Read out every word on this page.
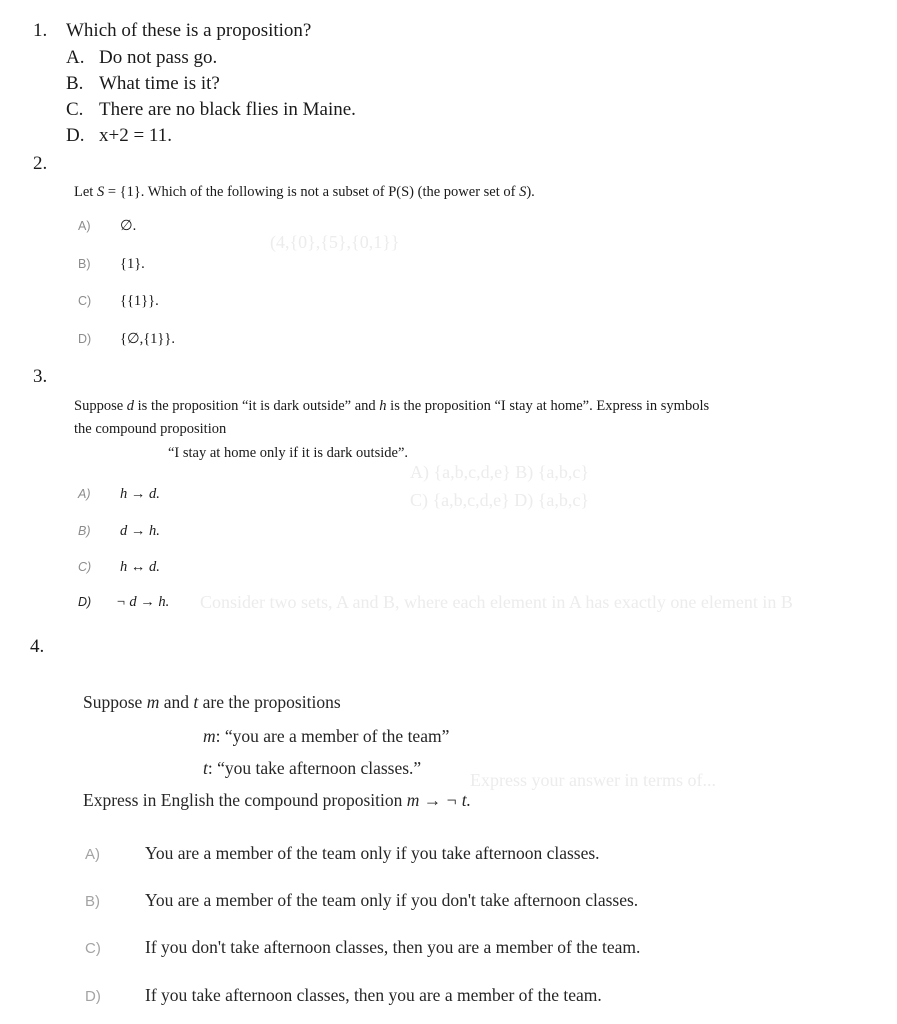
(4,{0},{5},{0,1}}
A) {a,b,c,d,e} B) {a,b,c}
C) {a,b,c,d,e} D) {a,b,c}
Consider two sets, A and B, where each element in A has exactly one element in B
Express your answer in terms of...
1. Which of these is a proposition?
A. Do not pass go.
B. What time is it?
C. There are no black flies in Maine.
D. x+2 = 11.
2.
Let S = {1}. Which of the following is not a subset of P(S) (the power set of S).
A) ∅.
B) {1}.
C) {{1}}.
D) {∅,{1}}.
3.
Suppose d is the proposition “it is dark outside” and h is the proposition “I stay at home”. Express in symbols
the compound proposition
“I stay at home only if it is dark outside”.
A) h → d.
B) d → h.
C) h ↔ d.
D) ¬ d → h.
4.
Suppose m and t are the propositions
m: “you are a member of the team”
t: “you take afternoon classes.”
Express in English the compound proposition m → ¬ t.
A)	You are a member of the team only if you take afternoon classes.
B)	You are a member of the team only if you don't take afternoon classes.
C)	If you don't take afternoon classes, then you are a member of the team.
D)	If you take afternoon classes, then you are a member of the team.
